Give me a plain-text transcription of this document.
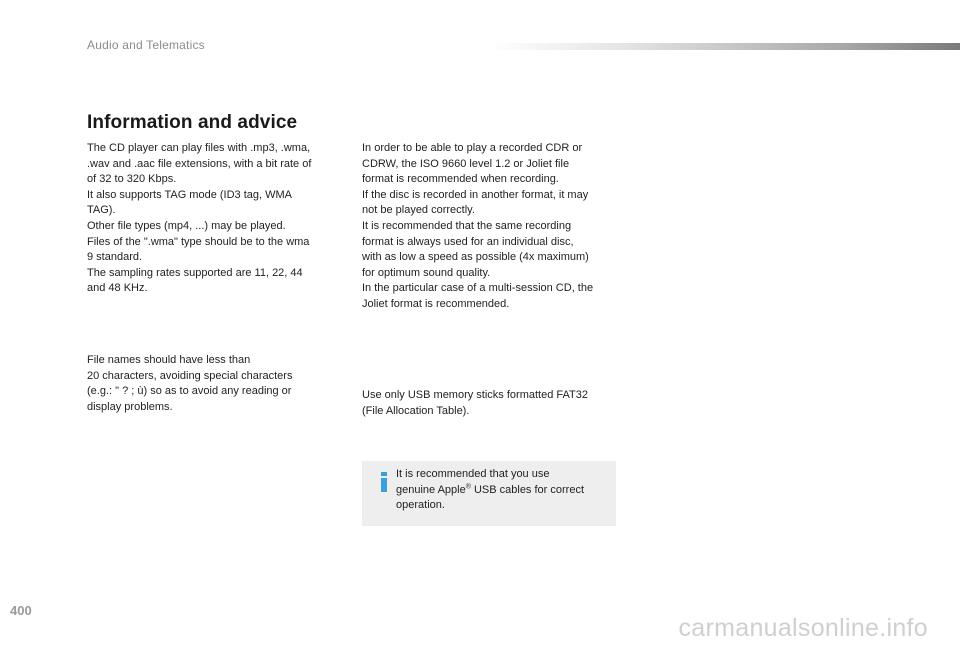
Audio and Telematics
Information and advice

The CD player can play files with .mp3, .wma,

.wav and .aac file extensions, with a bit rate of

of 32 to 320 Kbps.

It also supports TAG mode (ID3 tag, WMA

TAG).

Other file types (mp4, ...) may be played.

Files of the ".wma" type should be to the wma

9 standard.

The sampling rates supported are 11, 22, 44

and 48 KHz.

File names should have less than

20 characters, avoiding special characters

(e.g.: " ? ; ù) so as to avoid any reading or

display problems.

In order to be able to play a recorded CDR or

CDRW, the ISO 9660 level 1.2 or Joliet file

format is recommended when recording.

If the disc is recorded in another format, it may

not be played correctly.

It is recommended that the same recording

format is always used for an individual disc,

with as low a speed as possible (4x maximum)

for optimum sound quality.

In the particular case of a multi-session CD, the

Joliet format is recommended.

Use only USB memory sticks formatted FAT32

(File Allocation Table).

It is recommended that you use
genuine Apple® USB cables for correct
operation.

400
carmanualsonline.info
